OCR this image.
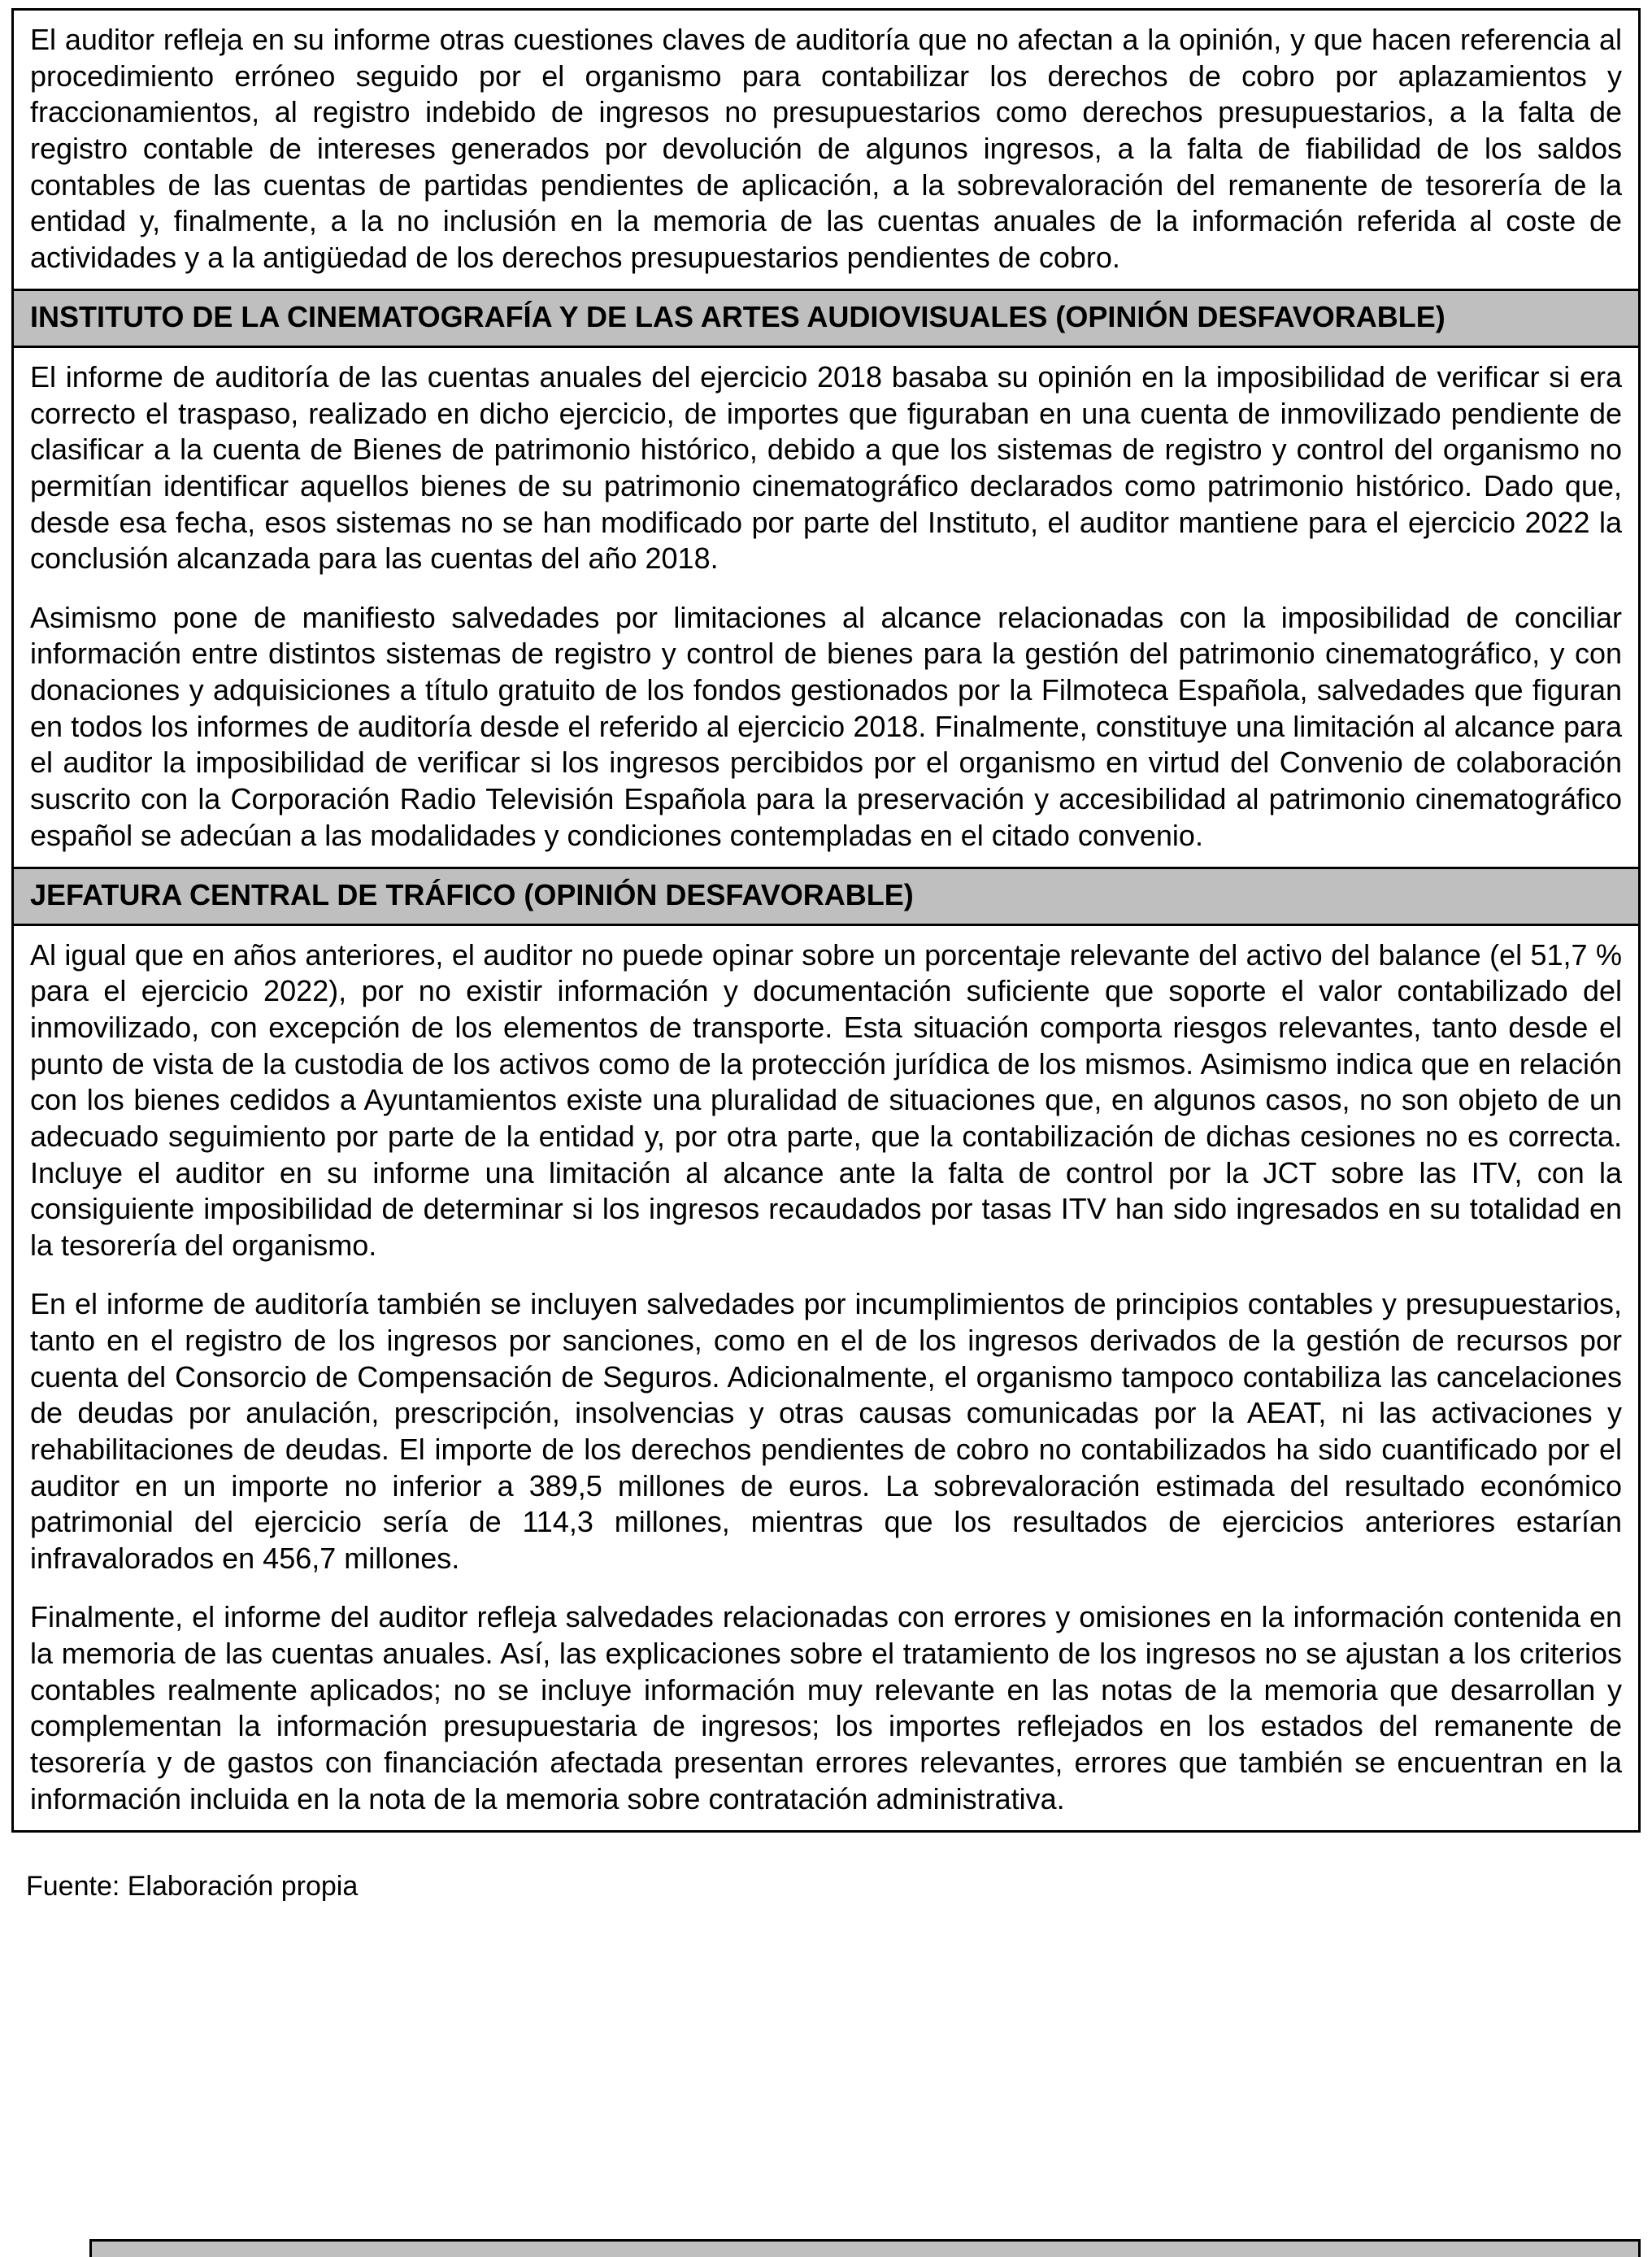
El auditor refleja en su informe otras cuestiones claves de auditoría que no afectan a la opinión, y que hacen referencia al procedimiento erróneo seguido por el organismo para contabilizar los derechos de cobro por aplazamientos y fraccionamientos, al registro indebido de ingresos no presupuestarios como derechos presupuestarios, a la falta de registro contable de intereses generados por devolución de algunos ingresos, a la falta de fiabilidad de los saldos contables de las cuentas de partidas pendientes de aplicación, a la sobrevaloración del remanente de tesorería de la entidad y, finalmente, a la no inclusión en la memoria de las cuentas anuales de la información referida al coste de actividades y a la antigüedad de los derechos presupuestarios pendientes de cobro.

INSTITUTO DE LA CINEMATOGRAFÍA Y DE LAS ARTES AUDIOVISUALES (OPINIÓN DESFAVORABLE)

El informe de auditoría de las cuentas anuales del ejercicio 2018 basaba su opinión en la imposibilidad de verificar si era correcto el traspaso, realizado en dicho ejercicio, de importes que figuraban en una cuenta de inmovilizado pendiente de clasificar a la cuenta de Bienes de patrimonio histórico, debido a que los sistemas de registro y control del organismo no permitían identificar aquellos bienes de su patrimonio cinematográfico declarados como patrimonio histórico. Dado que, desde esa fecha, esos sistemas no se han modificado por parte del Instituto, el auditor mantiene para el ejercicio 2022 la conclusión alcanzada para las cuentas del año 2018.

Asimismo pone de manifiesto salvedades por limitaciones al alcance relacionadas con la imposibilidad de conciliar información entre distintos sistemas de registro y control de bienes para la gestión del patrimonio cinematográfico, y con donaciones y adquisiciones a título gratuito de los fondos gestionados por la Filmoteca Española, salvedades que figuran en todos los informes de auditoría desde el referido al ejercicio 2018. Finalmente, constituye una limitación al alcance para el auditor la imposibilidad de verificar si los ingresos percibidos por el organismo en virtud del Convenio de colaboración suscrito con la Corporación Radio Televisión Española para la preservación y accesibilidad al patrimonio cinematográfico español se adecúan a las modalidades y condiciones contempladas en el citado convenio.

JEFATURA CENTRAL DE TRÁFICO (OPINIÓN DESFAVORABLE)

Al igual que en años anteriores, el auditor no puede opinar sobre un porcentaje relevante del activo del balance (el 51,7 % para el ejercicio 2022), por no existir información y documentación suficiente que soporte el valor contabilizado del inmovilizado, con excepción de los elementos de transporte. Esta situación comporta riesgos relevantes, tanto desde el punto de vista de la custodia de los activos como de la protección jurídica de los mismos. Asimismo indica que en relación con los bienes cedidos a Ayuntamientos existe una pluralidad de situaciones que, en algunos casos, no son objeto de un adecuado seguimiento por parte de la entidad y, por otra parte, que la contabilización de dichas cesiones no es correcta. Incluye el auditor en su informe una limitación al alcance ante la falta de control por la JCT sobre las ITV, con la consiguiente imposibilidad de determinar si los ingresos recaudados por tasas ITV han sido ingresados en su totalidad en la tesorería del organismo.

En el informe de auditoría también se incluyen salvedades por incumplimientos de principios contables y presupuestarios, tanto en el registro de los ingresos por sanciones, como en el de los ingresos derivados de la gestión de recursos por cuenta del Consorcio de Compensación de Seguros. Adicionalmente, el organismo tampoco contabiliza las cancelaciones de deudas por anulación, prescripción, insolvencias y otras causas comunicadas por la AEAT, ni las activaciones y rehabilitaciones de deudas. El importe de los derechos pendientes de cobro no contabilizados ha sido cuantificado por el auditor en un importe no inferior a 389,5 millones de euros. La sobrevaloración estimada del resultado económico patrimonial del ejercicio sería de 114,3 millones, mientras que los resultados de ejercicios anteriores estarían infravalorados en 456,7 millones.

Finalmente, el informe del auditor refleja salvedades relacionadas con errores y omisiones en la información contenida en la memoria de las cuentas anuales. Así, las explicaciones sobre el tratamiento de los ingresos no se ajustan a los criterios contables realmente aplicados; no se incluye información muy relevante en las notas de la memoria que desarrollan y complementan la información presupuestaria de ingresos; los importes reflejados en los estados del remanente de tesorería y de gastos con financiación afectada presentan errores relevantes, errores que también se encuentran en la información incluida en la nota de la memoria sobre contratación administrativa.

Fuente: Elaboración propia
